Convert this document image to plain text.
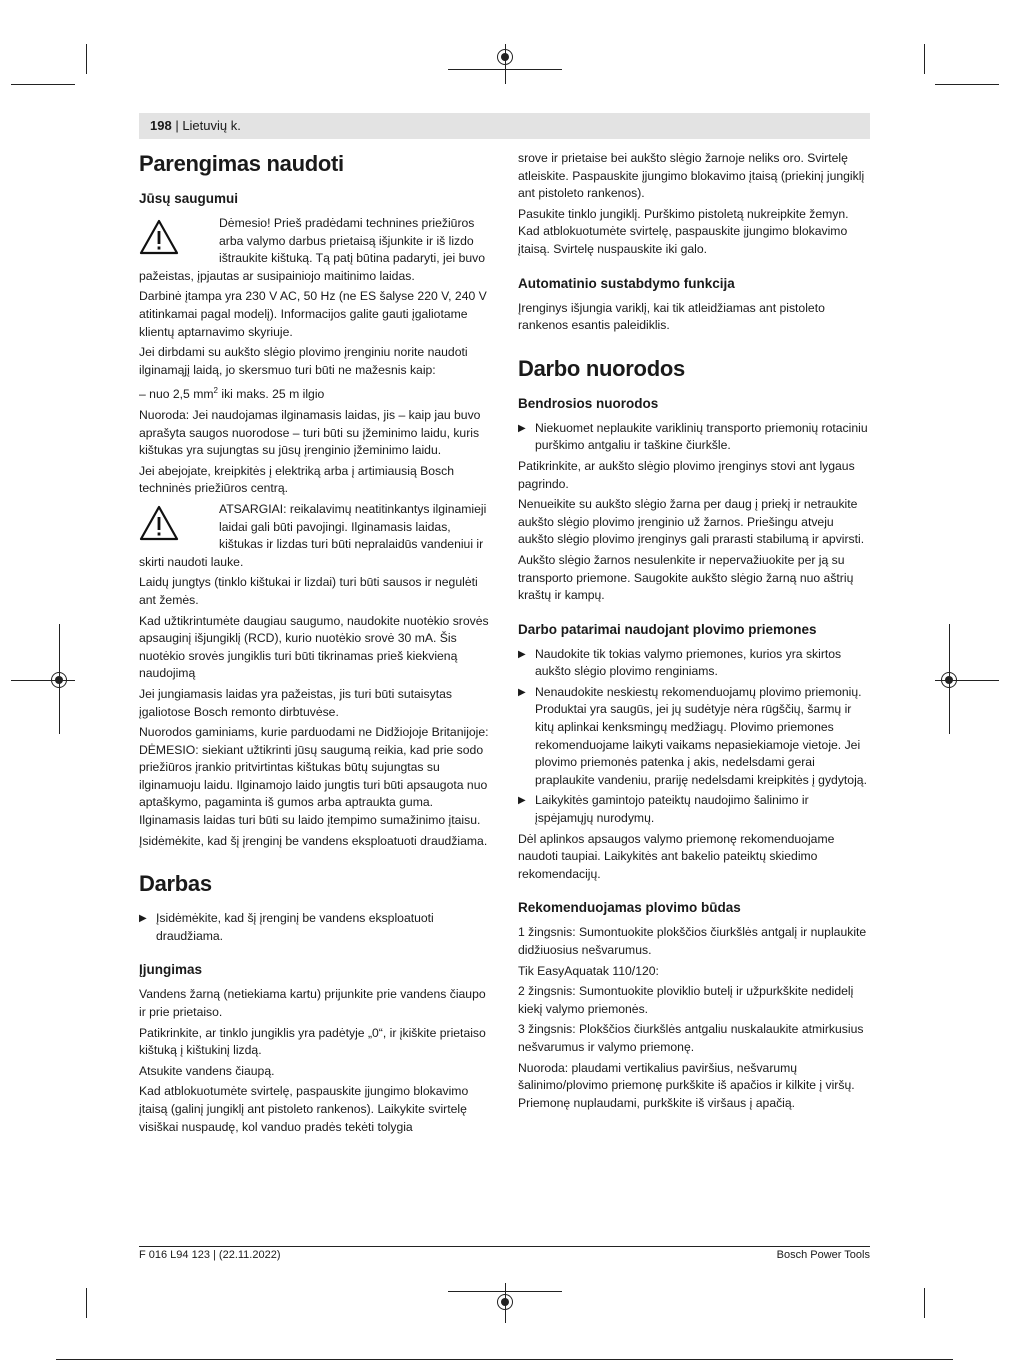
198 | Lietuvių k.
Parengimas naudoti
Jūsų saugumui
Dėmesio! Prieš pradėdami technines priežiūros arba valymo darbus prietaisą išjunkite ir iš lizdo ištraukite kištuką. Tą patį būtina padaryti, jei buvo pažeistas, įpjautas ar susipainiojo maitinimo laidas.

Darbinė įtampa yra 230 V AC, 50 Hz (ne ES šalyse 220 V, 240 V atitinkamai pagal modelį). Informacijos galite gauti įgaliotame klientų aptarnavimo skyriuje.

Jei dirbdami su aukšto slėgio plovimo įrenginiu norite naudoti ilginamąjį laidą, jo skersmuo turi būti ne mažesnis kaip:

– nuo 2,5 $mm^2$ iki maks. 25 m ilgio

Nuoroda: Jei naudojamas ilginamasis laidas, jis – kaip jau buvo aprašyta saugos nuorodose – turi būti su įžeminimo laidu, kuris kištukas yra sujungtas su jūsų įrenginio įžeminimo laidu.

Jei abejojate, kreipkitės į elektriką arba į artimiausią Bosch techninės priežiūros centrą.

ATSARGIAI: reikalavimų neatitinkantys ilginamieji laidai gali būti pavojingi. Ilginamasis laidas, kištukas ir lizdas turi būti nepralaidūs vandeniui ir skirti naudoti lauke.

Laidų jungtys (tinklo kištukai ir lizdai) turi būti sausos ir negulėti ant žemės.

Kad užtikrintumėte daugiau saugumo, naudokite nuotėkio srovės apsauginį išjungiklį (RCD), kurio nuotėkio srovė 30 mA. Šis nuotėkio srovės jungiklis turi būti tikrinamas prieš kiekvieną naudojimą

Jei jungiamasis laidas yra pažeistas, jis turi būti sutaisytas įgaliotose Bosch remonto dirbtuvėse.

Nuorodos gaminiams, kurie parduodami ne Didžiojoje Britanijoje:

DĖMESIO: siekiant užtikrinti jūsų saugumą reikia, kad prie sodo priežiūros įrankio pritvirtintas kištukas būtų sujungtas su ilginamuoju laidu. Ilginamojo laido jungtis turi būti apsaugota nuo aptaškymo, pagaminta iš gumos arba aptraukta guma. Ilginamasis laidas turi būti su laido įtempimo sumažinimo įtaisu.

Įsidėmėkite, kad šį įrenginį be vandens eksploatuoti draudžiama.

Darbas
▶ Įsidėmėkite, kad šį įrenginį be vandens eksploatuoti draudžiama.
Įjungimas

Vandens žarną (netiekiama kartu) prijunkite prie vandens čiaupo ir prie prietaiso.

Patikrinkite, ar tinklo jungiklis yra padėtyje „0“, ir įkiškite prietaiso kištuką į kištukinį lizdą.

Atsukite vandens čiaupą.

Kad atblokuotumėte svirtelę, paspauskite įjungimo blokavimo įtaisą (galinį jungiklį ant pistoleto rankenos). Laikykite svirtelę visiškai nuspaudę, kol vanduo pradės tekėti tolygia

srove ir prietaise bei aukšto slėgio žarnoje neliks oro. Svirtelę atleiskite. Paspauskite įjungimo blokavimo įtaisą (priekinį jungiklį ant pistoleto rankenos).

Pasukite tinklo jungiklį. Purškimo pistoletą nukreipkite žemyn. Kad atblokuotumėte svirtelę, paspauskite įjungimo blokavimo įtaisą. Svirtelę nuspauskite iki galo.

Automatinio sustabdymo funkcija

Įrenginys išjungia variklį, kai tik atleidžiamas ant pistoleto rankenos esantis paleidiklis.

Darbo nuorodos
Bendrosios nuorodos
▶ Niekuomet neplaukite variklinių transporto priemonių rotaciniu purškimo antgaliu ir taškine čiurkšle.

Patikrinkite, ar aukšto slėgio plovimo įrenginys stovi ant lygaus pagrindo.

Nenueikite su aukšto slėgio žarna per daug į priekį ir netraukite aukšto slėgio plovimo įrenginio už žarnos. Priešingu atveju aukšto slėgio plovimo įrenginys gali prarasti stabilumą ir apvirsti.

Aukšto slėgio žarnos nesulenkite ir nepervažiuokite per ją su transporto priemone. Saugokite aukšto slėgio žarną nuo aštrių kraštų ir kampų.

Darbo patarimai naudojant plovimo priemones
▶ Naudokite tik tokias valymo priemones, kurios yra skirtos aukšto slėgio plovimo renginiams.
▶ Nenaudokite neskiestų rekomenduojamų plovimo priemonių. Produktai yra saugūs, jei jų sudėtyje nėra rūgščių, šarmų ir kitų aplinkai kenksmingų medžiagų. Plovimo priemones rekomenduojame laikyti vaikams nepasiekiamoje vietoje. Jei plovimo priemonės patenka į akis, nedelsdami gerai praplaukite vandeniu, prariję nedelsdami kreipkitės į gydytoją.
▶ Laikykitės gamintojo pateiktų naudojimo šalinimo ir įspėjamųjų nurodymų.

Dėl aplinkos apsaugos valymo priemonę rekomenduojame naudoti taupiai. Laikykitės ant bakelio pateiktų skiedimo rekomendacijų.

Rekomenduojamas plovimo būdas

1 žingsnis: Sumontuokite plokščios čiurkšlės antgalį ir nuplaukite didžiuosius nešvarumus.

Tik EasyAquatak 110/120:

2 žingsnis: Sumontuokite ploviklio butelį ir užpurkškite nedidelį kiekį valymo priemonės.

3 žingsnis: Plokščios čiurkšlės antgaliu nuskalaukite atmirkusius nešvarumus ir valymo priemonę.

Nuoroda: plaudami vertikalius paviršius, nešvarumų šalinimo/plovimo priemonę purkškite iš apačios ir kilkite į viršų. Priemonę nuplaudami, purkškite iš viršaus į apačią.

F 016 L94 123 | (22.11.2022)	Bosch Power Tools
